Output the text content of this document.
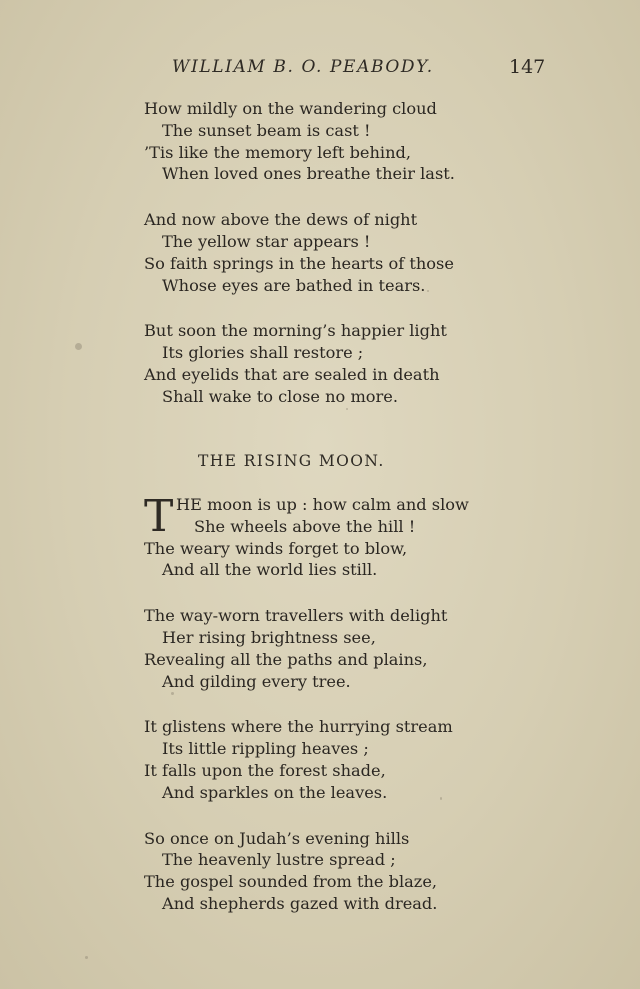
WILLIAM B. O. PEABODY.	147
How mildly on the wandering cloud
The sunset beam is cast !
’Tis like the memory left behind,
When loved ones breathe their last.
And now above the dews of night
The yellow star appears !
So faith springs in the hearts of those
Whose eyes are bathed in tears.
But soon the morning’s happier light
Its glories shall restore ;
And eyelids that are sealed in death
Shall wake to close no more.
THE RISING MOON.
T HE moon is up : how calm and slow
She wheels above the hill !
The weary winds forget to blow,
And all the world lies still.
The way-worn travellers with delight
Her rising brightness see,
Revealing all the paths and plains,
And gilding every tree.
It glistens where the hurrying stream
Its little rippling heaves ;
It falls upon the forest shade,
And sparkles on the leaves.
So once on Judah’s evening hills
The heavenly lustre spread ;
The gospel sounded from the blaze,
And shepherds gazed with dread.
